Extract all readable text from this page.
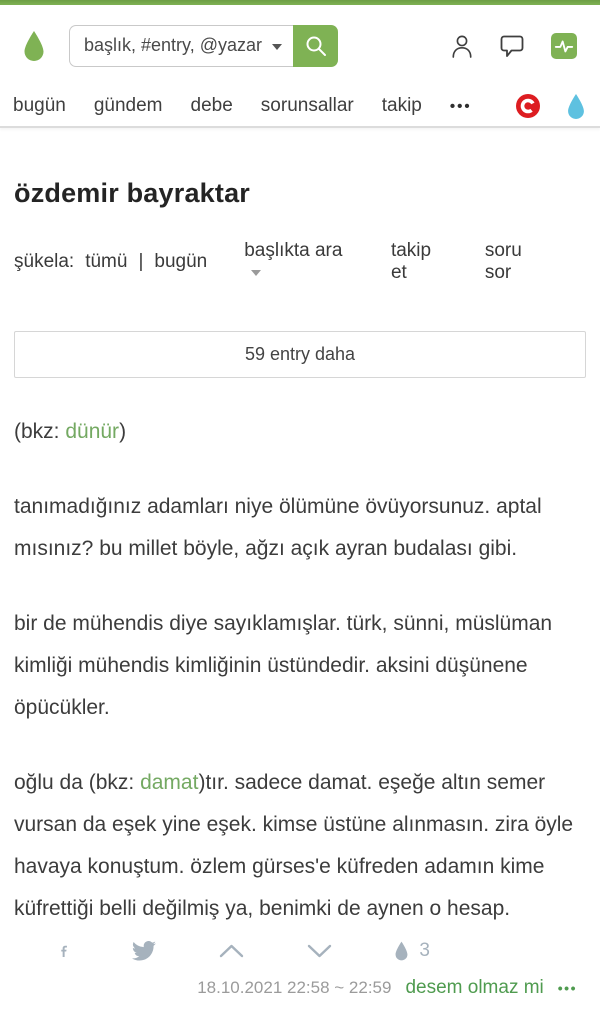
başlık, #entry, @yazar
bugün gündem debe sorunsallar takip •••
özdemir bayraktar
şükela: tümü | bugün
başlıkta ara	takip et
soru sor
59 entry daha

(bkz: dünür)

tanımadığınız adamları niye ölümüne övüyorsunuz. aptal mısınız? bu millet böyle, ağzı açık ayran budalası gibi.

bir de mühendis diye sayıklamışlar. türk, sünni, müslüman kimliği mühendis kimliğinin üstündedir. aksini düşünene öpücükler.

oğlu da (bkz: damat)tır. sadece damat. eşeğe altın semer vursan da eşek yine eşek. kimse üstüne alınmasın. zira öyle havaya konuştum. özlem gürses'e küfreden adamın kime küfrettiği belli değilmiş ya, benimki de aynen o hesap.

3
18.10.2021 22:58 ~ 22:59 desem olmaz mi •••
